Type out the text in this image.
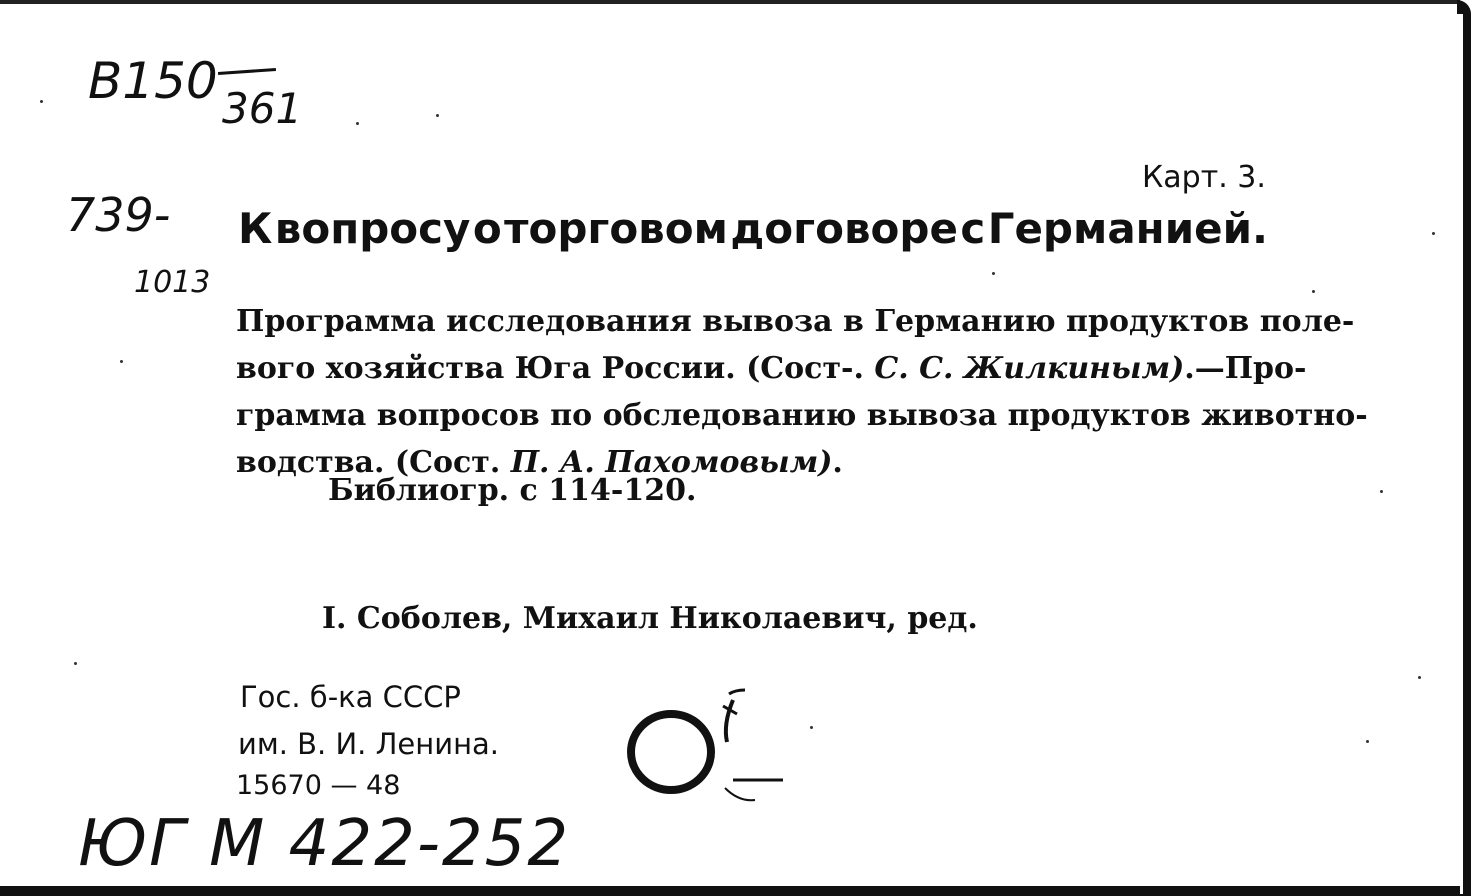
B150 361
739-
1013
ЮГ М 422-252
Карт. 3.
К вопросу о торговом договоре с Германией.
Программа исследования вывоза в Германию продуктов поле-
вого хозяйства Юга России. (Сост-. С. С. Жилкиным).—Про-
грамма вопросов по обследованию вывоза продуктов животно-
водства. (Сост. П. А. Пахомовым).
Библиогр. с 114-120.
I. Соболев, Михаил Николаевич, ред.
Гос. б-ка СССР
им. В. И. Ленина.
15670 — 48
